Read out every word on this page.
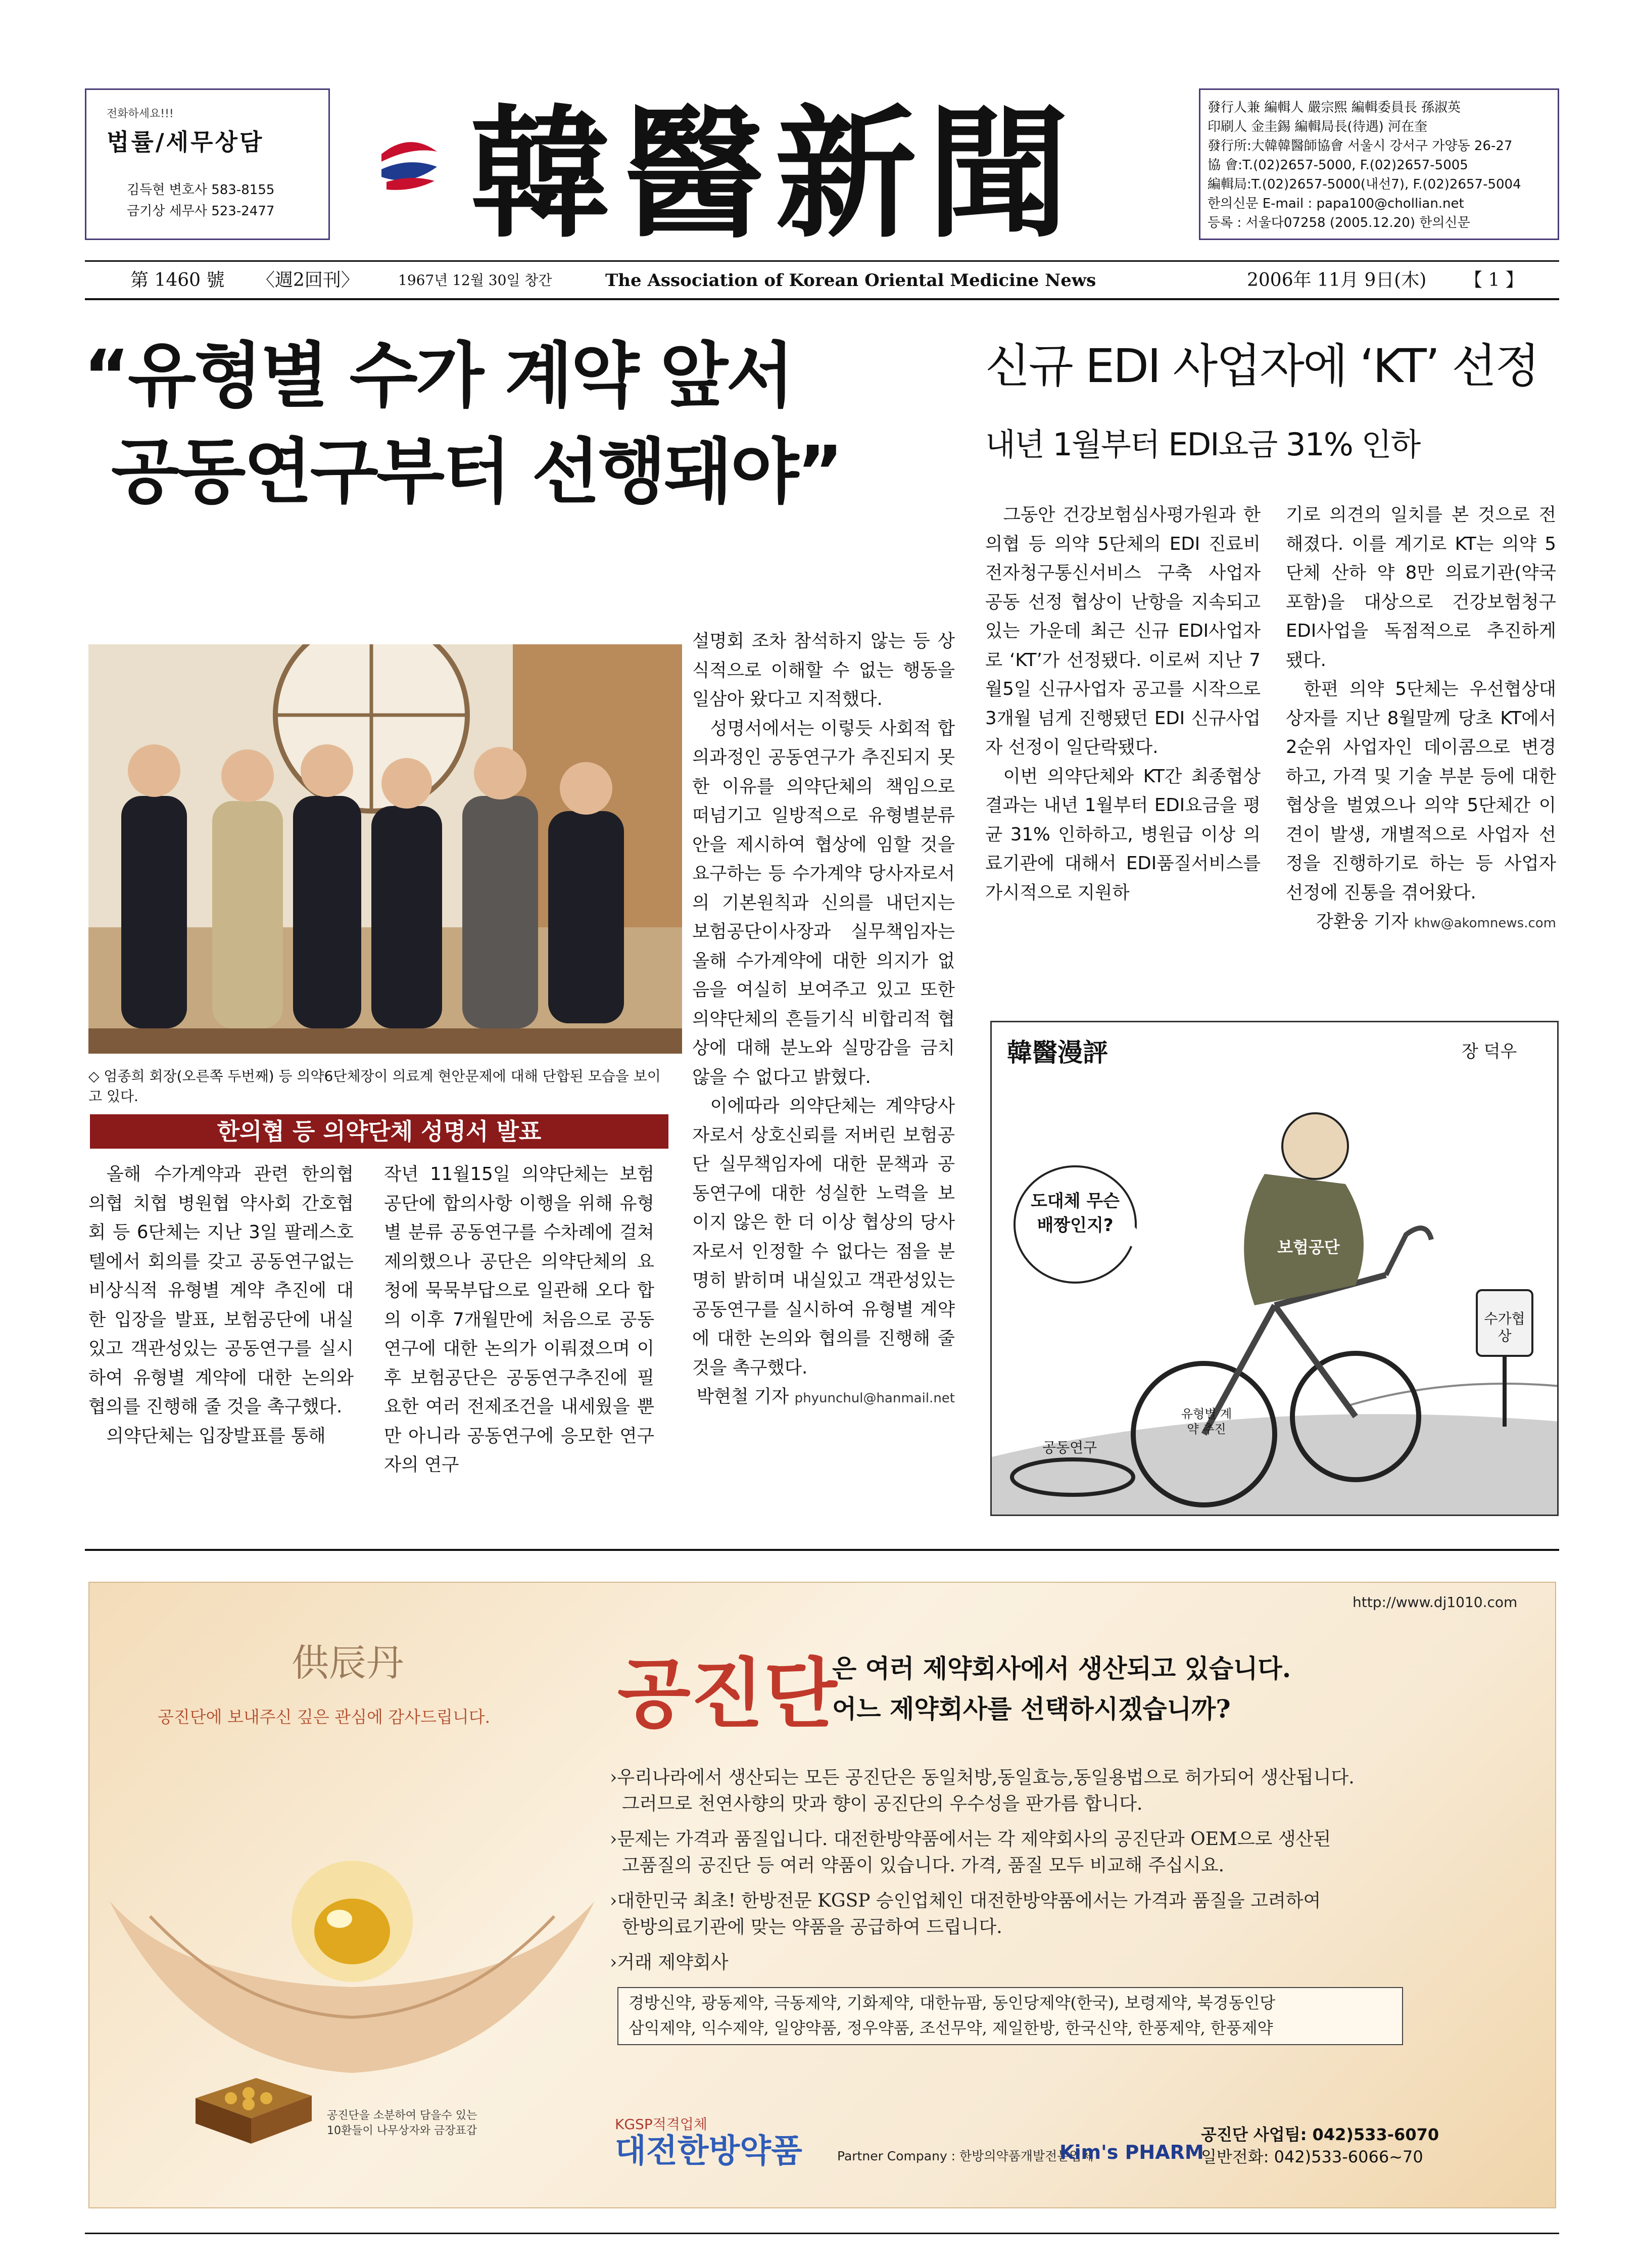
전화하세요!!!
법률/세무상담
김득현 변호사 583-8155
금기상 세무사 523-2477 韓醫新聞	發行人兼 編輯人 嚴宗熙 編輯委員長 孫淑英
印刷人 金圭錫 編輯局長(待遇) 河在奎
發行所:大韓韓醫師協會 서울시 강서구 가양동 26-27
協 會:T.(02)2657-5000, F.(02)2657-5005
編輯局:T.(02)2657-5000(내선7), F.(02)2657-5004
한의신문 E-mail : papa100@chollian.net
등록 : 서울다07258 (2005.12.20) 한의신문
第 1460 號 〈週2回刊〉	1967년 12월 30일 창간	The Association of Korean Oriental Medicine News	2006年 11月 9日(木) 【 1 】
“유형별 수가 계약 앞서
공동연구부터 선행돼야”
◇ 엄종희 회장(오른쪽 두번째) 등 의약6단체장이 의료계 현안문제에 대해 단합된 모습을 보이고 있다.
한의협 등 의약단체 성명서 발표

올해 수가계약과 관련 한의협 의협 치협 병원협 약사회 간호협회 등 6단체는 지난 3일 팔레스호텔에서 회의를 갖고 공동연구없는 비상식적 유형별 계약 추진에 대한 입장을 발표, 보험공단에 내실있고 객관성있는 공동연구를 실시하여 유형별 계약에 대한 논의와 협의를 진행해 줄 것을 촉구했다.

의약단체는 입장발표를 통해

작년 11월15일 의약단체는 보험공단에 합의사항 이행을 위해 유형별 분류 공동연구를 수차례에 걸쳐 제의했으나 공단은 의약단체의 요청에 묵묵부답으로 일관해 오다 합의 이후 7개월만에 처음으로 공동연구에 대한 논의가 이뤄졌으며 이후 보험공단은 공동연구추진에 필요한 여러 전제조건을 내세웠을 뿐만 아니라 공동연구에 응모한 연구자의 연구

설명회 조차 참석하지 않는 등 상식적으로 이해할 수 없는 행동을 일삼아 왔다고 지적했다.

성명서에서는 이렇듯 사회적 합의과정인 공동연구가 추진되지 못한 이유를 의약단체의 책임으로 떠넘기고 일방적으로 유형별분류안을 제시하여 협상에 임할 것을 요구하는 등 수가계약 당사자로서의 기본원칙과 신의를 내던지는 보험공단이사장과 실무책임자는 올해 수가계약에 대한 의지가 없음을 여실히 보여주고 있고 또한 의약단체의 흔들기식 비합리적 협상에 대해 분노와 실망감을 금치 않을 수 없다고 밝혔다.

이에따라 의약단체는 계약당사자로서 상호신뢰를 저버린 보험공단 실무책임자에 대한 문책과 공동연구에 대한 성실한 노력을 보이지 않은 한 더 이상 협상의 당사자로서 인정할 수 없다는 점을 분명히 밝히며 내실있고 객관성있는 공동연구를 실시하여 유형별 계약에 대한 논의와 협의를 진행해 줄 것을 촉구했다.

박현철 기자 phyunchul@hanmail.net

신규 EDI 사업자에 ‘KT’ 선정
내년 1월부터 EDI요금 31% 인하

그동안 건강보험심사평가원과 한의협 등 의약 5단체의 EDI 진료비 전자청구통신서비스 구축 사업자 공동 선정 협상이 난항을 지속되고 있는 가운데 최근 신규 EDI사업자로 ‘KT’가 선정됐다. 이로써 지난 7월5일 신규사업자 공고를 시작으로 3개월 넘게 진행됐던 EDI 신규사업자 선정이 일단락됐다.

이번 의약단체와 KT간 최종협상 결과는 내년 1월부터 EDI요금을 평균 31% 인하하고, 병원급 이상 의료기관에 대해서 EDI품질서비스를 가시적으로 지원하

기로 의견의 일치를 본 것으로 전해졌다. 이를 계기로 KT는 의약 5단체 산하 약 8만 의료기관(약국 포함)을 대상으로 건강보험청구 EDI사업을 독점적으로 추진하게 됐다.

한편 의약 5단체는 우선협상대상자를 지난 8월말께 당초 KT에서 2순위 사업자인 데이콤으로 변경하고, 가격 및 기술 부분 등에 대한 협상을 벌였으나 의약 5단체간 이견이 발생, 개별적으로 사업자 선정을 진행하기로 하는 등 사업자 선정에 진통을 겪어왔다.

강환웅 기자 khw@akomnews.com

韓醫漫評	장 덕우
도대체 무슨 배짱인지?
보험공단
유형별 계약 추진
공동연구
수가협상
http://www.dj1010.com
供辰丹
공진단에 보내주신 깊은 관심에 감사드립니다. 공진단
은 여러 제약회사에서 생산되고 있습니다.
어느 제약회사를 선택하시겠습니까?
›우리나라에서 생산되는 모든 공진단은 동일처방,동일효능,동일용법으로 허가되어 생산됩니다.
그러므로 천연사향의 맛과 향이 공진단의 우수성을 판가름 합니다.
›문제는 가격과 품질입니다. 대전한방약품에서는 각 제약회사의 공진단과 OEM으로 생산된
고품질의 공진단 등 여러 약품이 있습니다. 가격, 품질 모두 비교해 주십시요.
›대한민국 최초! 한방전문 KGSP 승인업체인 대전한방약품에서는 가격과 품질을 고려하여
한방의료기관에 맞는 약품을 공급하여 드립니다.
›거래 제약회사
경방신약, 광동제약, 극동제약, 기화제약, 대한뉴팜, 동인당제약(한국), 보령제약, 북경동인당
삼익제약, 익수제약, 일양약품, 정우약품, 조선무약, 제일한방, 한국신약, 한풍제약, 한풍제약
공진단을 소분하여 담을수 있는
10환들이 나무상자와 금장표갑	KGSP적격업체
대전한방약품	Partner Company : 한방의약품개발전문업체
Kim's PHARM
공진단 사업팀: 042)533-6070
일반전화: 042)533-6066~70
